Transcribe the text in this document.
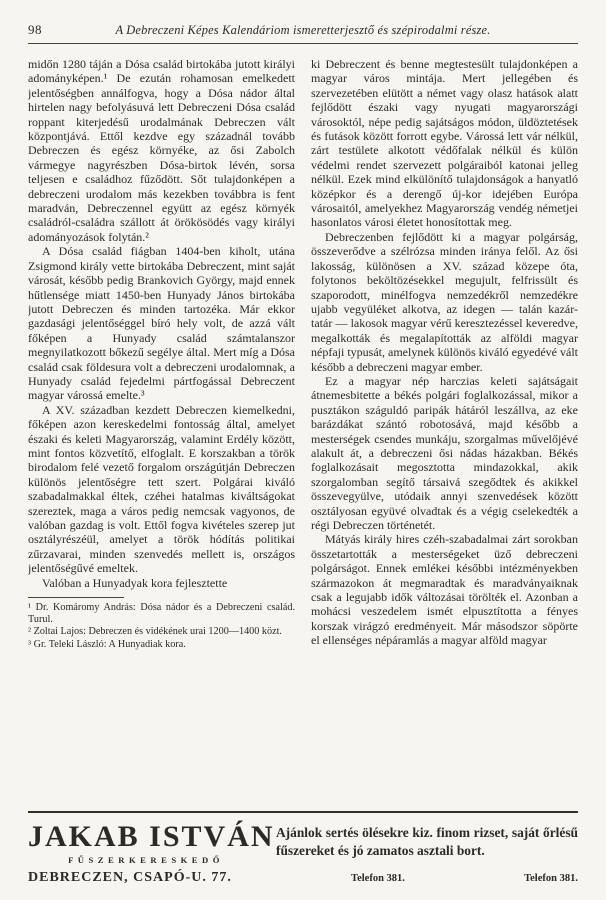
98	A Debreczeni Képes Kalendáriom ismeretterjesztő és szépirodalmi része.

midőn 1280 táján a Dósa család birtokába jutott királyi adományképen.¹ De ezután rohamosan emelkedett jelentőségben annálfogva, hogy a Dósa nádor által hirtelen nagy befolyásuvá lett Debreczeni Dósa család roppant kiterjedésű urodalmának Debreczen vált központjává. Ettől kezdve egy századnál tovább Debreczen és egész környéke, az ősi Zabolch vármegye nagyrészben Dósa-birtok lévén, sorsa teljesen e családhoz fűződött. Sőt tulajdonképen a debreczeni urodalom más kezekben továbbra is fent maradván, Debreczennel együtt az egész környék családról-családra szállott át örökösödés vagy királyi adományozások folytán.²

A Dósa család fiágban 1404-ben kiholt, utána Zsigmond király vette birtokába Debreczent, mint saját városát, később pedig Brankovich György, majd ennek hűtlensége miatt 1450-ben Hunyady János birtokába jutott Debreczen és minden tartozéka. Már ekkor gazdasági jelentőséggel bíró hely volt, de azzá vált főképen a Hunyady család számtalanszor megnyilatkozott bőkezű segélye által. Mert míg a Dósa család csak földesura volt a debreczeni urodalomnak, a Hunyady család fejedelmi pártfogással Debreczent magyar várossá emelte.³

A XV. században kezdett Debreczen kiemelkedni, főképen azon kereskedelmi fontosság által, amelyet északi és keleti Magyarország, valamint Erdély között, mint fontos közvetítő, elfoglalt. E korszakban a török birodalom felé vezető forgalom országútján Debreczen különös jelentőségre tett szert. Polgárai kiváló szabadalmakkal éltek, czéhei hatalmas kiváltságokat szereztek, maga a város pedig nemcsak vagyonos, de valóban gazdag is volt. Ettől fogva kivételes szerep jut osztályrészéül, amelyet a török hódítás politikai zűrzavarai, minden szenvedés mellett is, országos jelentőségűvé emeltek.

Valóban a Hunyadyak kora fejlesztette

¹ Dr. Komáromy András: Dósa nádor és a Debreczeni család. Turul.

² Zoltai Lajos: Debreczen és vidékének urai 1200—1400 közt.

³ Gr. Teleki László: A Hunyadiak kora.

ki Debreczent és benne megtestesült tulajdonképen a magyar város mintája. Mert jellegében és szervezetében elütött a német vagy olasz hatások alatt fejlődött északi vagy nyugati magyarországi városoktól, népe pedig sajátságos módon, üldöztetések és futások között forrott egybe. Várossá lett vár nélkül, zárt testülete alkotott védőfalak nélkül és külön védelmi rendet szervezett polgáraiból katonai jelleg nélkül. Ezek mind elkülönítő tulajdonságok a hanyatló középkor és a derengő új-kor idejében Európa városaitól, amelyekhez Magyarország vendég németjei hasonlatos városi életet honosítottak meg.

Debreczenben fejlődött ki a magyar polgárság, összeverődve a szélrózsa minden iránya felől. Az ősi lakosság, különösen a XV. század közepe óta, folytonos beköltözésekkel megujult, felfrissült és szaporodott, minélfogva nemzedékről nemzedékre ujabb vegyüléket alkotva, az idegen — talán kazár-tatár — lakosok magyar vérű keresztezéssel keveredve, megalkották és megalapították az alföldi magyar népfaji typusát, amelynek különös kiváló egyedévé vált később a debreczeni magyar ember.

Ez a magyar nép harczias keleti sajátságait átnemesbitette a békés polgári foglalkozással, mikor a pusztákon száguldó paripák hátáról leszállva, az eke barázdákat szántó robotosává, majd később a mesterségek csendes munkáju, szorgalmas művelőjévé alakult át, a debreczeni ősi nádas házakban. Békés foglalkozásait megosztotta mindazokkal, akik szorgalomban segítő társaivá szegődtek és akikkel összevegyülve, utódaik annyi szenvedések között osztályosan együvé olvadtak és a végig cselekedték a régi Debreczen történetét.

Mátyás király hires czéh-szabadalmai zárt sorokban összetartották a mesterségeket üző debreczeni polgárságot. Ennek emlékei későbbi intézményekben származokon át megmaradtak és maradványaiknak csak a legujabb idők változásai törölték el. Azonban a mohácsi veszedelem ismét elpusztította a fényes korszak virágzó eredményeit. Már másodszor söpörte el ellenséges népáramlás a magyar alföld magyar

JAKAB ISTVÁN
FŰSZERKERESKEDŐ
Ajánlok sertés ölésekre kiz. finom rizset, saját őrlésű fűszereket és jó zamatos asztali bort.
DEBRECZEN, CSAPÓ-U. 77.	Telefon 381.	Telefon 381.
